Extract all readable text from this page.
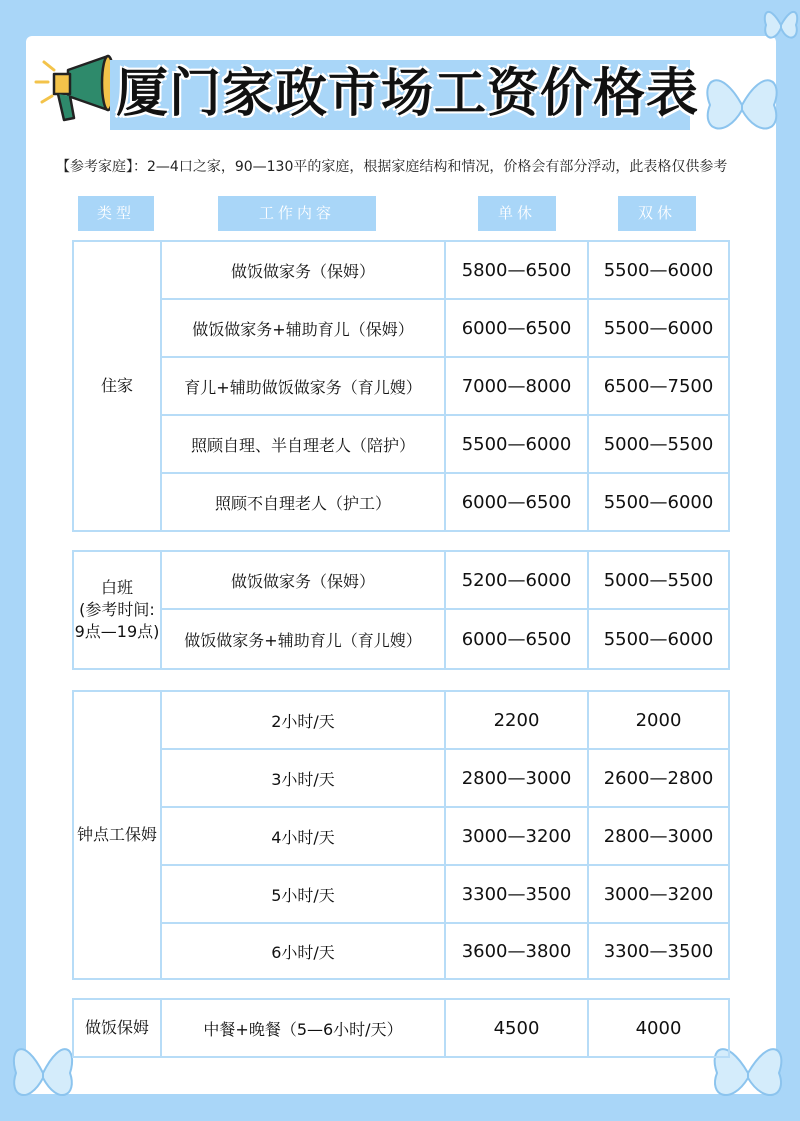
厦门家政市场工资价格表
【参考家庭】：2—4口之家，90—130平的家庭，根据家庭结构和情况，价格会有部分浮动，此表格仅供参考
类型	工作内容	单休	双休
住家
做饭做家务（保姆）	5800—6500	5500—6000
做饭做家务+辅助育儿（保姆）	6000—6500	5500—6000
育儿+辅助做饭做家务（育儿嫂）	7000—8000	6500—7500
照顾自理、半自理老人（陪护）	5500—6000	5000—5500
照顾不自理老人（护工）	6000—6500	5500—6000
白班
(参考时间:
9点—19点)
做饭做家务（保姆）	5200—6000	5000—5500
做饭做家务+辅助育儿（育儿嫂）	6000—6500	5500—6000
钟点工保姆
2小时/天	2200	2000
3小时/天	2800—3000	2600—2800
4小时/天	3000—3200	2800—3000
5小时/天	3300—3500	3000—3200
6小时/天	3600—3800	3300—3500
做饭保姆	中餐+晚餐（5—6小时/天）	4500	4000
